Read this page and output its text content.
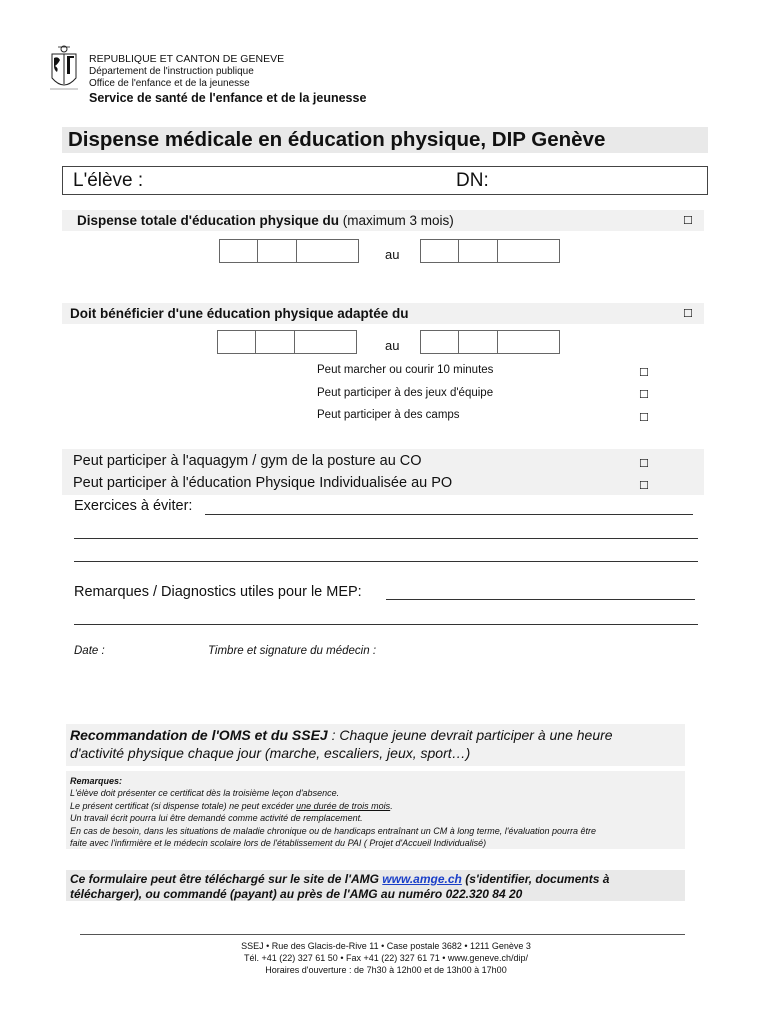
REPUBLIQUE ET CANTON DE GENEVE
Département de l'instruction publique
Office de l'enfance et de la jeunesse
Service de santé de l'enfance et de la jeunesse
Dispense médicale en éducation physique, DIP Genève
L'élève :	DN:
Dispense totale d'éducation physique du (maximum 3 mois)	☐
au
Doit bénéficier d'une éducation physique adaptée du	☐
au
Peut marcher ou courir 10 minutes	☐
Peut participer à des jeux d'équipe	☐
Peut participer à des camps	☐
Peut participer à l'aquagym / gym de la posture au CO	☐
Peut participer à l'éducation Physique Individualisée au PO	☐
Exercices à éviter:
Remarques / Diagnostics utiles pour le MEP:
Date :	Timbre et signature du médecin :
Recommandation de l'OMS et du SSEJ : Chaque jeune devrait participer à une heure
d'activité physique chaque jour (marche, escaliers, jeux, sport…)
Remarques:
L'élève doit présenter ce certificat dès la troisième leçon d'absence.
Le présent certificat (si dispense totale) ne peut excéder une durée de trois mois.
Un travail écrit pourra lui être demandé comme activité de remplacement.
En cas de besoin, dans les situations de maladie chronique ou de handicaps entraînant un CM à long terme, l'évaluation pourra être
faite avec l'infirmière et le médecin scolaire lors de l'établissement du PAI ( Projet d'Accueil Individualisé)
Ce formulaire peut être téléchargé sur le site de l'AMG www.amge.ch (s'identifier, documents à
télécharger), ou commandé (payant) au près de l'AMG au numéro 022.320 84 20
SSEJ • Rue des Glacis-de-Rive 11 • Case postale 3682 • 1211 Genève 3
Tél. +41 (22) 327 61 50 • Fax +41 (22) 327 61 71 • www.geneve.ch/dip/
Horaires d'ouverture : de 7h30 à 12h00 et de 13h00 à 17h00
